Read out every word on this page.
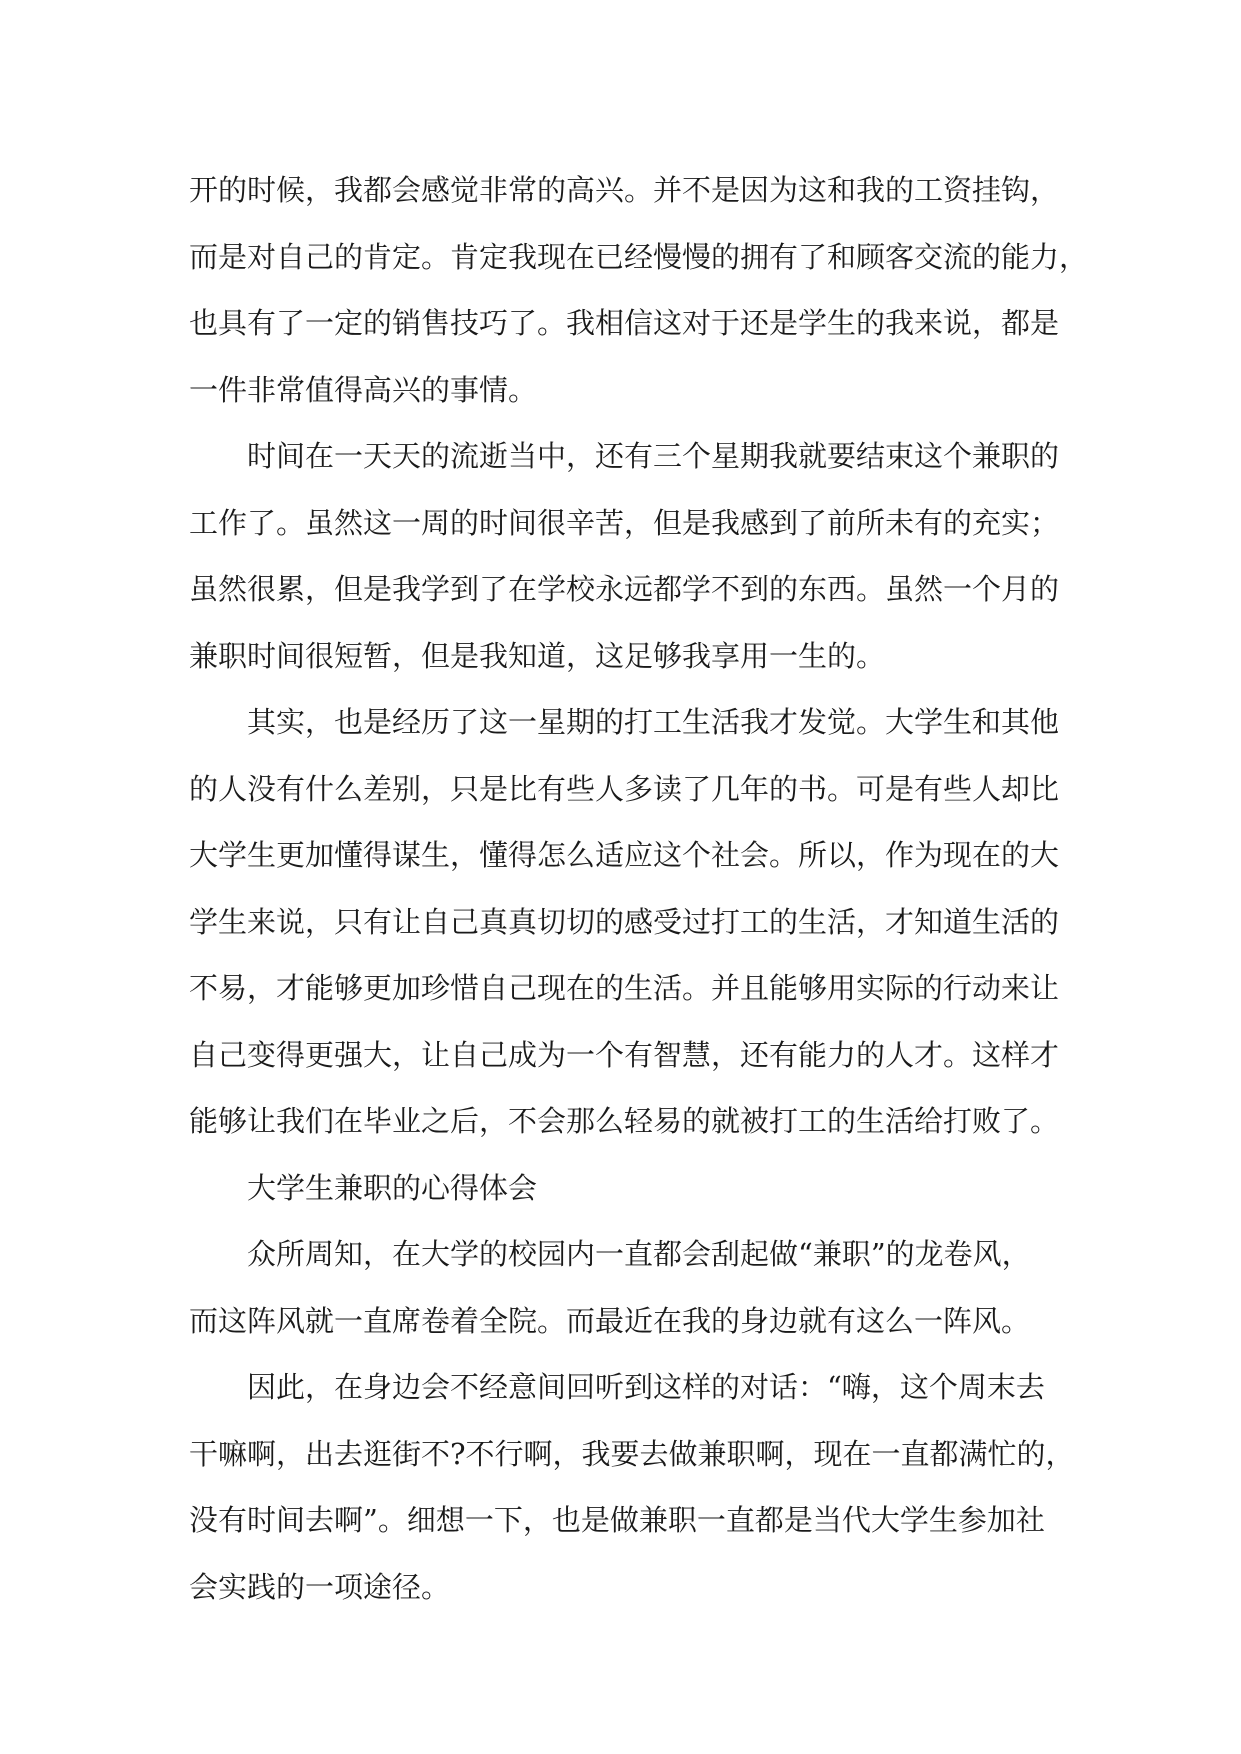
开的时候，我都会感觉非常的高兴。并不是因为这和我的工资挂钩，
而是对自己的肯定。肯定我现在已经慢慢的拥有了和顾客交流的能力，
也具有了一定的销售技巧了。我相信这对于还是学生的我来说，都是
一件非常值得高兴的事情。

时间在一天天的流逝当中，还有三个星期我就要结束这个兼职的
工作了。虽然这一周的时间很辛苦，但是我感到了前所未有的充实；
虽然很累，但是我学到了在学校永远都学不到的东西。虽然一个月的
兼职时间很短暂，但是我知道，这足够我享用一生的。

其实，也是经历了这一星期的打工生活我才发觉。大学生和其他
的人没有什么差别，只是比有些人多读了几年的书。可是有些人却比
大学生更加懂得谋生，懂得怎么适应这个社会。所以，作为现在的大
学生来说，只有让自己真真切切的感受过打工的生活，才知道生活的
不易，才能够更加珍惜自己现在的生活。并且能够用实际的行动来让
自己变得更强大，让自己成为一个有智慧，还有能力的人才。这样才
能够让我们在毕业之后，不会那么轻易的就被打工的生活给打败了。

大学生兼职的心得体会

众所周知，在大学的校园内一直都会刮起做“兼职”的龙卷风，
而这阵风就一直席卷着全院。而最近在我的身边就有这么一阵风。

因此，在身边会不经意间回听到这样的对话：“嗨，这个周末去
干嘛啊，出去逛街不?不行啊，我要去做兼职啊，现在一直都满忙的，
没有时间去啊”。细想一下，也是做兼职一直都是当代大学生参加社
会实践的一项途径。
